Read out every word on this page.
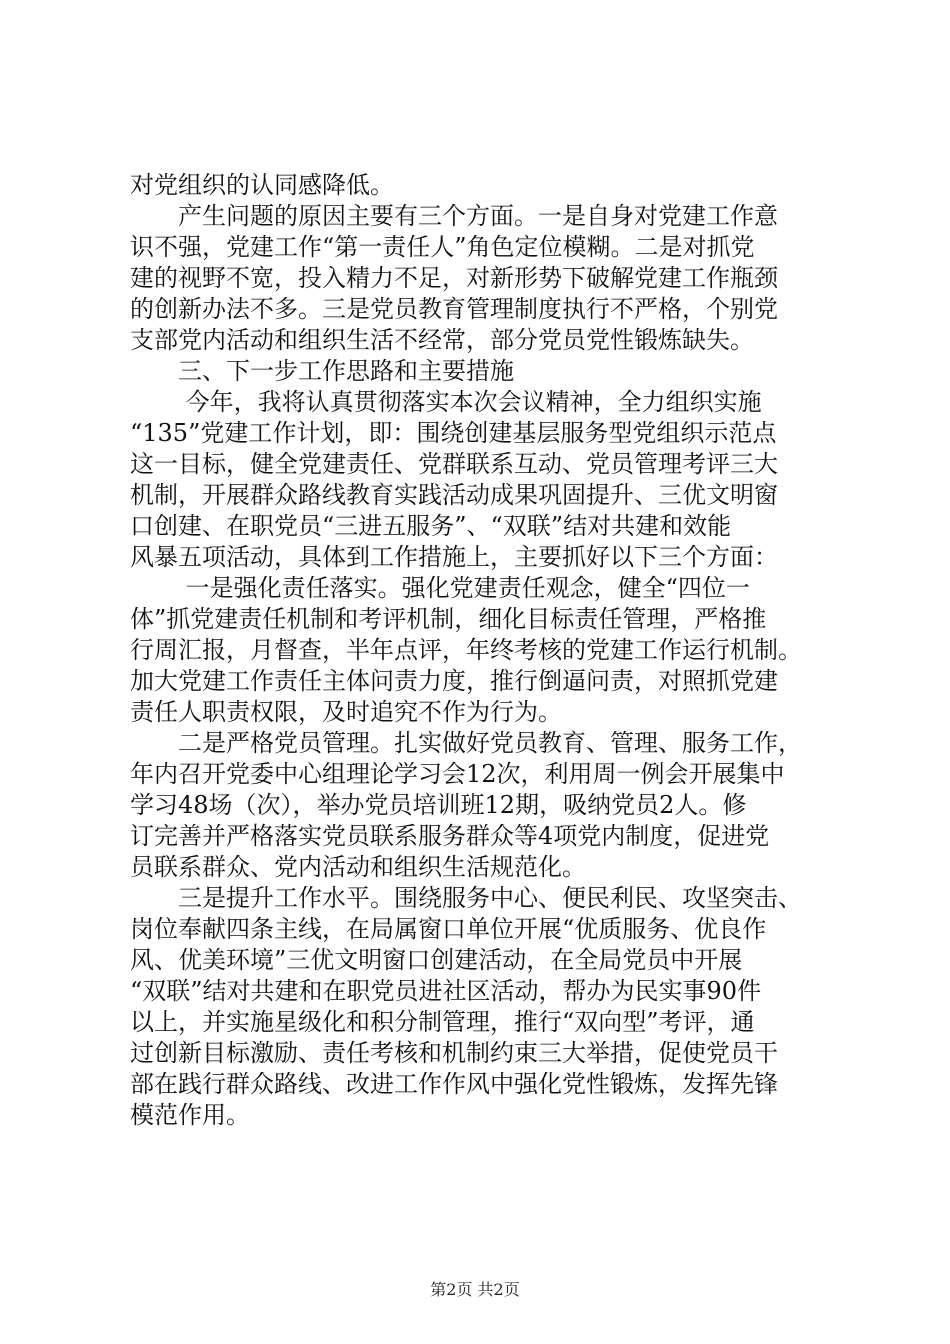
对党组织的认同感降低。
　　产生问题的原因主要有三个方面。一是自身对党建工作意
识不强，党建工作“第一责任人”角色定位模糊。二是对抓党
建的视野不宽，投入精力不足，对新形势下破解党建工作瓶颈
的创新办法不多。三是党员教育管理制度执行不严格，个别党
支部党内活动和组织生活不经常，部分党员党性锻炼缺失。
　　三、下一步工作思路和主要措施
　　 今年，我将认真贯彻落实本次会议精神，全力组织实施
“135”党建工作计划，即：围绕创建基层服务型党组织示范点
这一目标，健全党建责任、党群联系互动、党员管理考评三大
机制，开展群众路线教育实践活动成果巩固提升、三优文明窗
口创建、在职党员“三进五服务”、“双联”结对共建和效能
风暴五项活动，具体到工作措施上，主要抓好以下三个方面：
　　 一是强化责任落实。强化党建责任观念，健全“四位一
体”抓党建责任机制和考评机制，细化目标责任管理，严格推
行周汇报，月督查，半年点评，年终考核的党建工作运行机制。
加大党建工作责任主体问责力度，推行倒逼问责，对照抓党建
责任人职责权限，及时追究不作为行为。
　　二是严格党员管理。扎实做好党员教育、管理、服务工作，
年内召开党委中心组理论学习会12次，利用周一例会开展集中
学习48场（次），举办党员培训班12期，吸纳党员2人。修
订完善并严格落实党员联系服务群众等4项党内制度，促进党
员联系群众、党内活动和组织生活规范化。
　　三是提升工作水平。围绕服务中心、便民利民、攻坚突击、
岗位奉献四条主线，在局属窗口单位开展“优质服务、优良作
风、优美环境”三优文明窗口创建活动，在全局党员中开展
“双联”结对共建和在职党员进社区活动，帮办为民实事90件
以上，并实施星级化和积分制管理，推行“双向型”考评，通
过创新目标激励、责任考核和机制约束三大举措，促使党员干
部在践行群众路线、改进工作作风中强化党性锻炼，发挥先锋
模范作用。
第2页 共2页
